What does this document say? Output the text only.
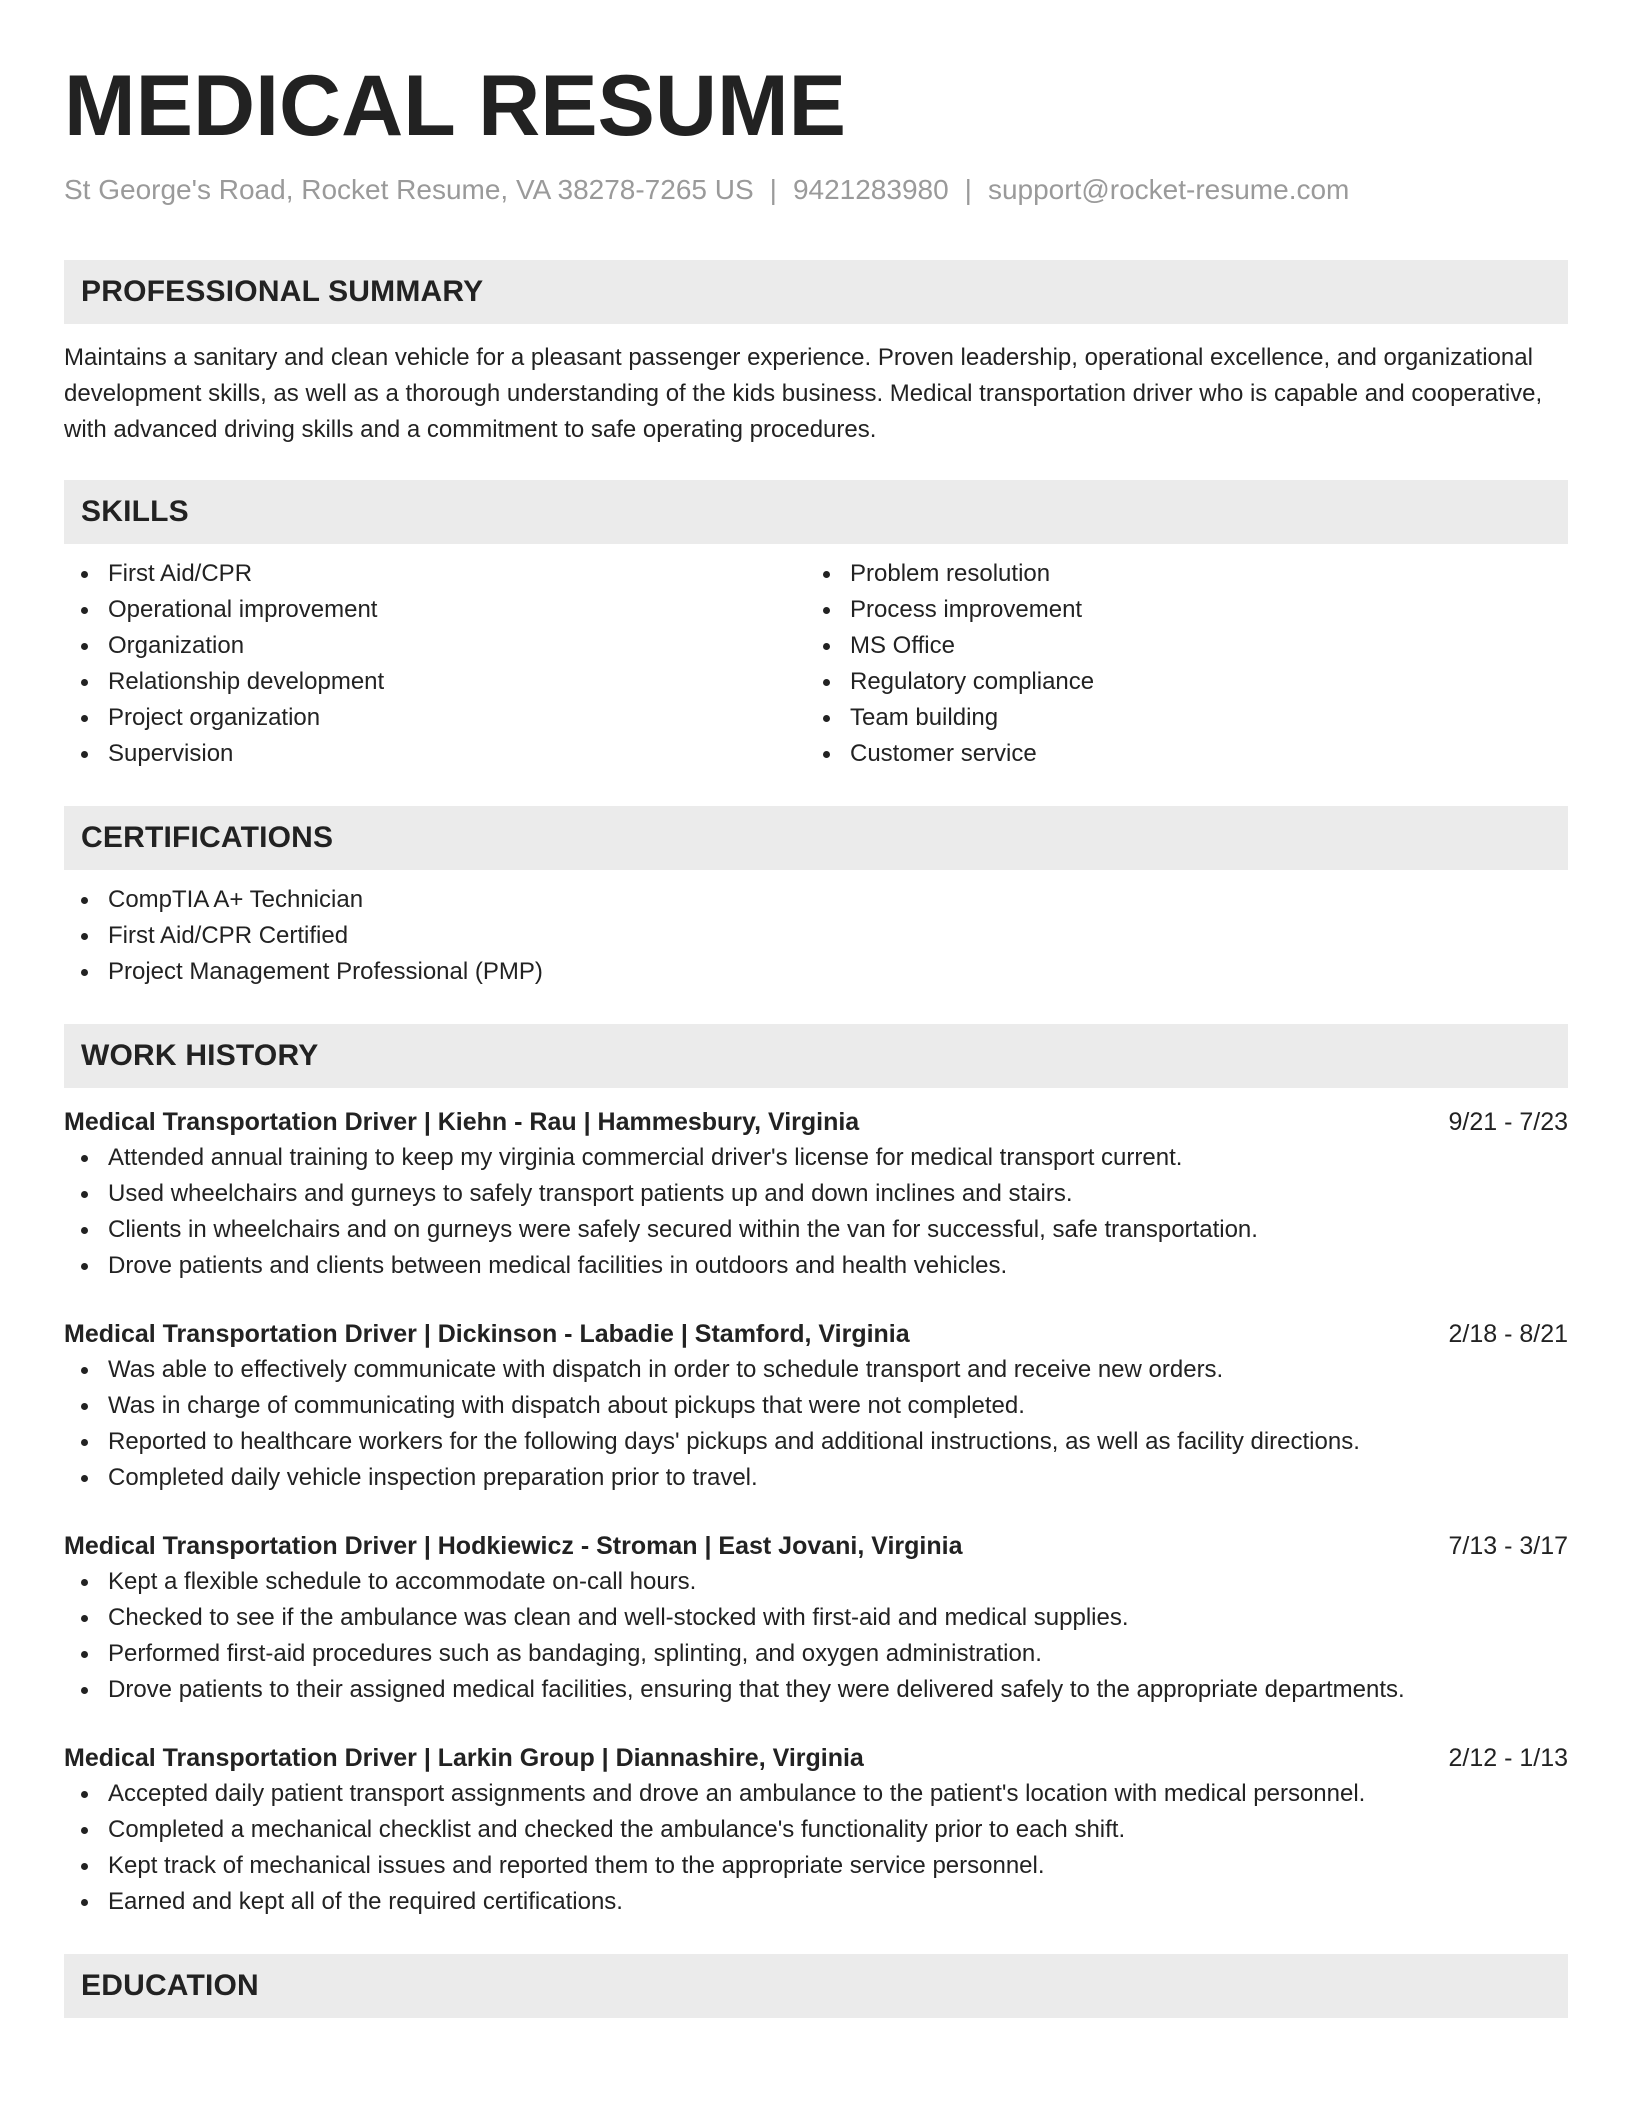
MEDICAL RESUME
St George's Road, Rocket Resume, VA 38278-7265 US | 9421283980 | support@rocket-resume.com
PROFESSIONAL SUMMARY

Maintains a sanitary and clean vehicle for a pleasant passenger experience. Proven leadership, operational excellence, and organizational development skills, as well as a thorough understanding of the kids business. Medical transportation driver who is capable and cooperative, with advanced driving skills and a commitment to safe operating procedures.

SKILLS
First Aid/CPR
Operational improvement
Organization
Relationship development
Project organization
Supervision
Problem resolution
Process improvement
MS Office
Regulatory compliance
Team building
Customer service
CERTIFICATIONS
CompTIA A+ Technician
First Aid/CPR Certified
Project Management Professional (PMP)
WORK HISTORY
Medical Transportation Driver | Kiehn - Rau | Hammesbury, Virginia	9/21 - 7/23
Attended annual training to keep my virginia commercial driver's license for medical transport current.
Used wheelchairs and gurneys to safely transport patients up and down inclines and stairs.
Clients in wheelchairs and on gurneys were safely secured within the van for successful, safe transportation.
Drove patients and clients between medical facilities in outdoors and health vehicles.
Medical Transportation Driver | Dickinson - Labadie | Stamford, Virginia	2/18 - 8/21
Was able to effectively communicate with dispatch in order to schedule transport and receive new orders.
Was in charge of communicating with dispatch about pickups that were not completed.
Reported to healthcare workers for the following days' pickups and additional instructions, as well as facility directions.
Completed daily vehicle inspection preparation prior to travel.
Medical Transportation Driver | Hodkiewicz - Stroman | East Jovani, Virginia	7/13 - 3/17
Kept a flexible schedule to accommodate on-call hours.
Checked to see if the ambulance was clean and well-stocked with first-aid and medical supplies.
Performed first-aid procedures such as bandaging, splinting, and oxygen administration.
Drove patients to their assigned medical facilities, ensuring that they were delivered safely to the appropriate departments.
Medical Transportation Driver | Larkin Group | Diannashire, Virginia	2/12 - 1/13
Accepted daily patient transport assignments and drove an ambulance to the patient's location with medical personnel.
Completed a mechanical checklist and checked the ambulance's functionality prior to each shift.
Kept track of mechanical issues and reported them to the appropriate service personnel.
Earned and kept all of the required certifications.
EDUCATION
